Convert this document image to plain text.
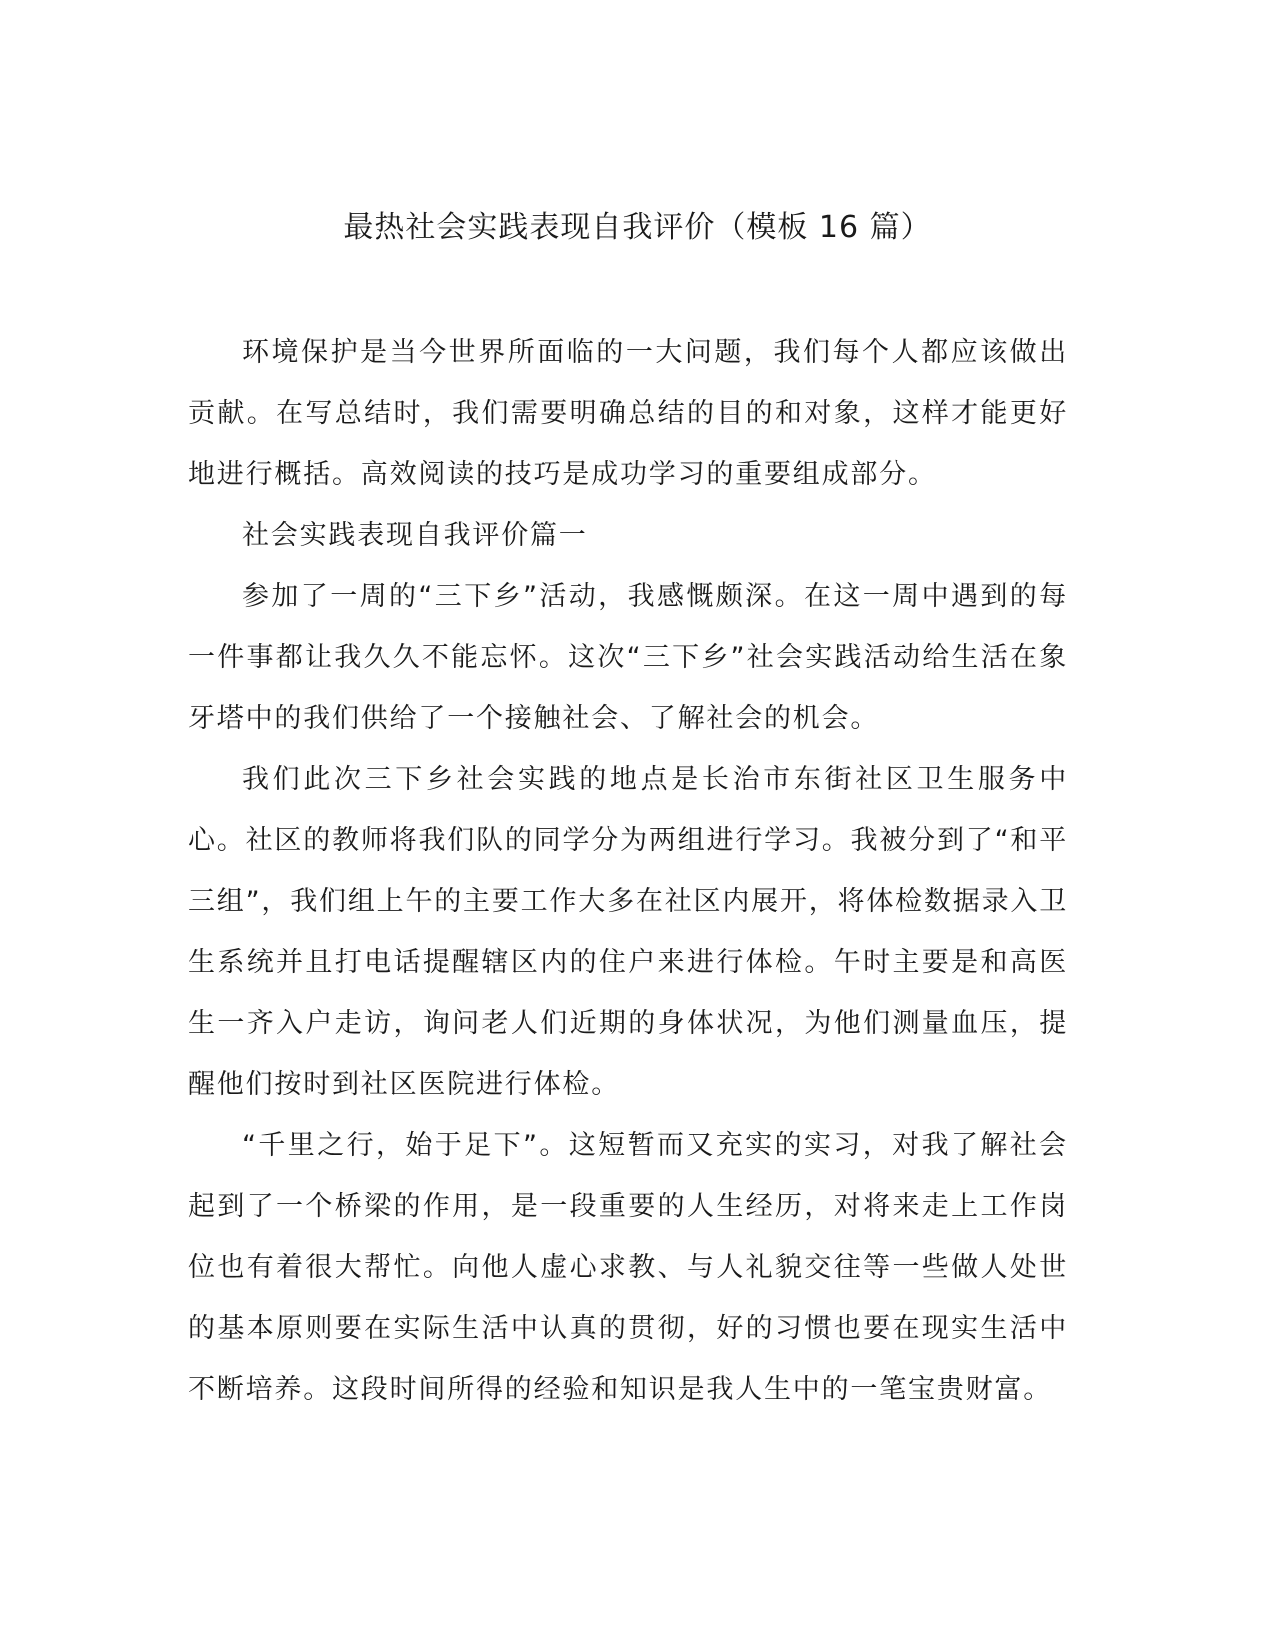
最热社会实践表现自我评价（模板 16 篇）

环境保护是当今世界所面临的一大问题，我们每个人都应该做出贡献。在写总结时，我们需要明确总结的目的和对象，这样才能更好地进行概括。高效阅读的技巧是成功学习的重要组成部分。

社会实践表现自我评价篇一

参加了一周的“三下乡”活动，我感慨颇深。在这一周中遇到的每一件事都让我久久不能忘怀。这次“三下乡”社会实践活动给生活在象牙塔中的我们供给了一个接触社会、了解社会的机会。

我们此次三下乡社会实践的地点是长治市东街社区卫生服务中心。社区的教师将我们队的同学分为两组进行学习。我被分到了“和平三组”，我们组上午的主要工作大多在社区内展开，将体检数据录入卫生系统并且打电话提醒辖区内的住户来进行体检。午时主要是和高医生一齐入户走访，询问老人们近期的身体状况，为他们测量血压，提醒他们按时到社区医院进行体检。

“千里之行，始于足下”。这短暂而又充实的实习，对我了解社会起到了一个桥梁的作用，是一段重要的人生经历，对将来走上工作岗位也有着很大帮忙。向他人虚心求教、与人礼貌交往等一些做人处世的基本原则要在实际生活中认真的贯彻，好的习惯也要在现实生活中不断培养。这段时间所得的经验和知识是我人生中的一笔宝贵财富。
